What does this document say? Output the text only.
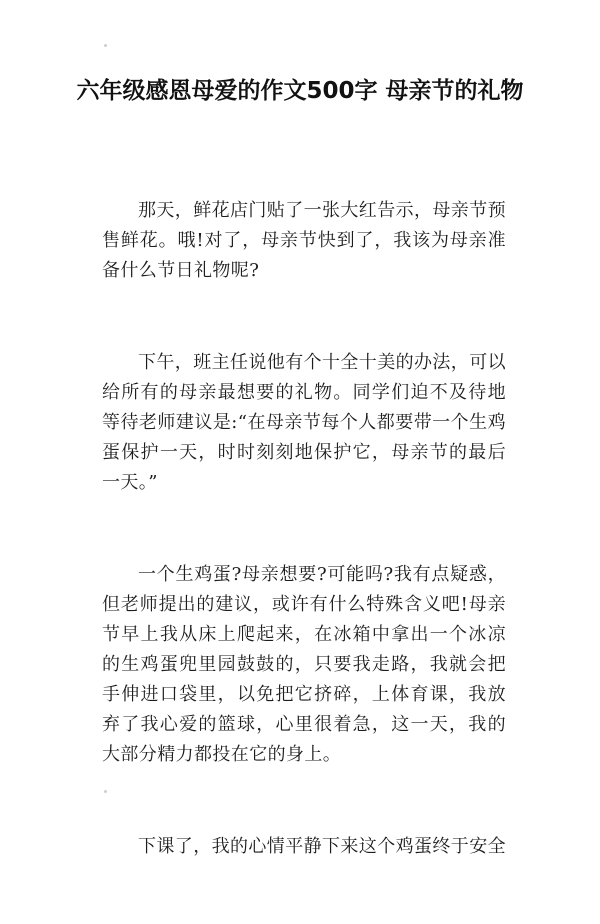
六年级感恩母爱的作文500字 母亲节的礼物

那天，鲜花店门贴了一张大红告示，母亲节预售鲜花。哦!对了，母亲节快到了，我该为母亲准备什么节日礼物呢?

下午，班主任说他有个十全十美的办法，可以给所有的母亲最想要的礼物。同学们迫不及待地等待老师建议是:“在母亲节每个人都要带一个生鸡蛋保护一天，时时刻刻地保护它，母亲节的最后一天。”

一个生鸡蛋?母亲想要?可能吗?我有点疑惑，但老师提出的建议，或许有什么特殊含义吧!母亲节早上我从床上爬起来，在冰箱中拿出一个冰凉的生鸡蛋兜里园鼓鼓的，只要我走路，我就会把手伸进口袋里，以免把它挤碎，上体育课，我放弃了我心爱的篮球，心里很着急，这一天，我的大部分精力都投在它的身上。

下课了，我的心情平静下来这个鸡蛋终于安全
